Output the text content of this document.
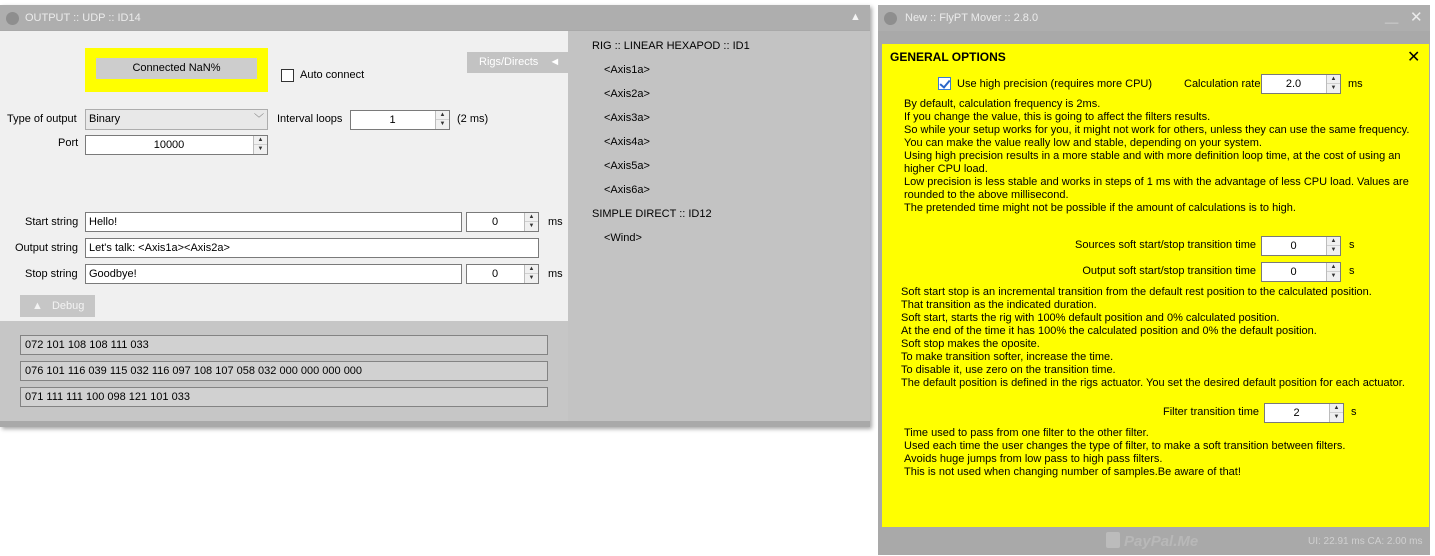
OUTPUT :: UDP :: ID14	▲
Connected NaN%
Auto connect
Rigs/Directs ◄
Type of output	Binary	﹀ Interval loops	1	▲
▼	(2 ms)
Port	10000	▲
▼
Start string Hello!	0	▲
▼	ms
Output string	Let's talk: <Axis1a><Axis2a>
Stop string	Goodbye!	0	▲
▼	ms
▲ Debug
072 101 108 108 111 033
076 101 116 039 115 032 116 097 108 107 058 032 000 000 000 000
071 111 111 100 098 121 101 033
RIG :: LINEAR HEXAPOD :: ID1
<Axis1a>
<Axis2a>
<Axis3a>
<Axis4a>
<Axis5a>
<Axis6a>
SIMPLE DIRECT :: ID12
<Wind>
New :: FlyPT Mover :: 2.8.0	__ ✕
GENERAL OPTIONS	✕
Use high precision (requires more CPU)	Calculation rate	2.0	▲
▼	ms
By default, calculation frequency is 2ms.
If you change the value, this is going to affect the filters results.
So while your setup works for you, it might not work for others, unless they can use the same frequency.
You can make the value really low and stable, depending on your system.
Using high precision results in a more stable and with more definition loop time, at the cost of using an
higher CPU load.
Low precision is less stable and works in steps of 1 ms with the advantage of less CPU load. Values are
rounded to the above millisecond.
The pretended time might not be possible if the amount of calculations is to high.
Sources soft start/stop transition time	0	▲
▼	s
Output soft start/stop transition time	0	▲
▼	s
Soft start stop is an incremental transition from the default rest position to the calculated position.
That transition as the indicated duration.
Soft start, starts the rig with 100% default position and 0% calculated position.
At the end of the time it has 100% the calculated position and 0% the default position.
Soft stop makes the oposite.
To make transition softer, increase the time.
To disable it, use zero on the transition time.
The default position is defined in the rigs actuator. You set the desired default position for each actuator.
Filter transition time	2	▲
▼	s
Time used to pass from one filter to the other filter.
Used each time the user changes the type of filter, to make a soft transition between filters.
Avoids huge jumps from low pass to high pass filters.
This is not used when changing number of samples.Be aware of that!
PayPal.Me	UI: 22.91 ms CA: 2.00 ms
